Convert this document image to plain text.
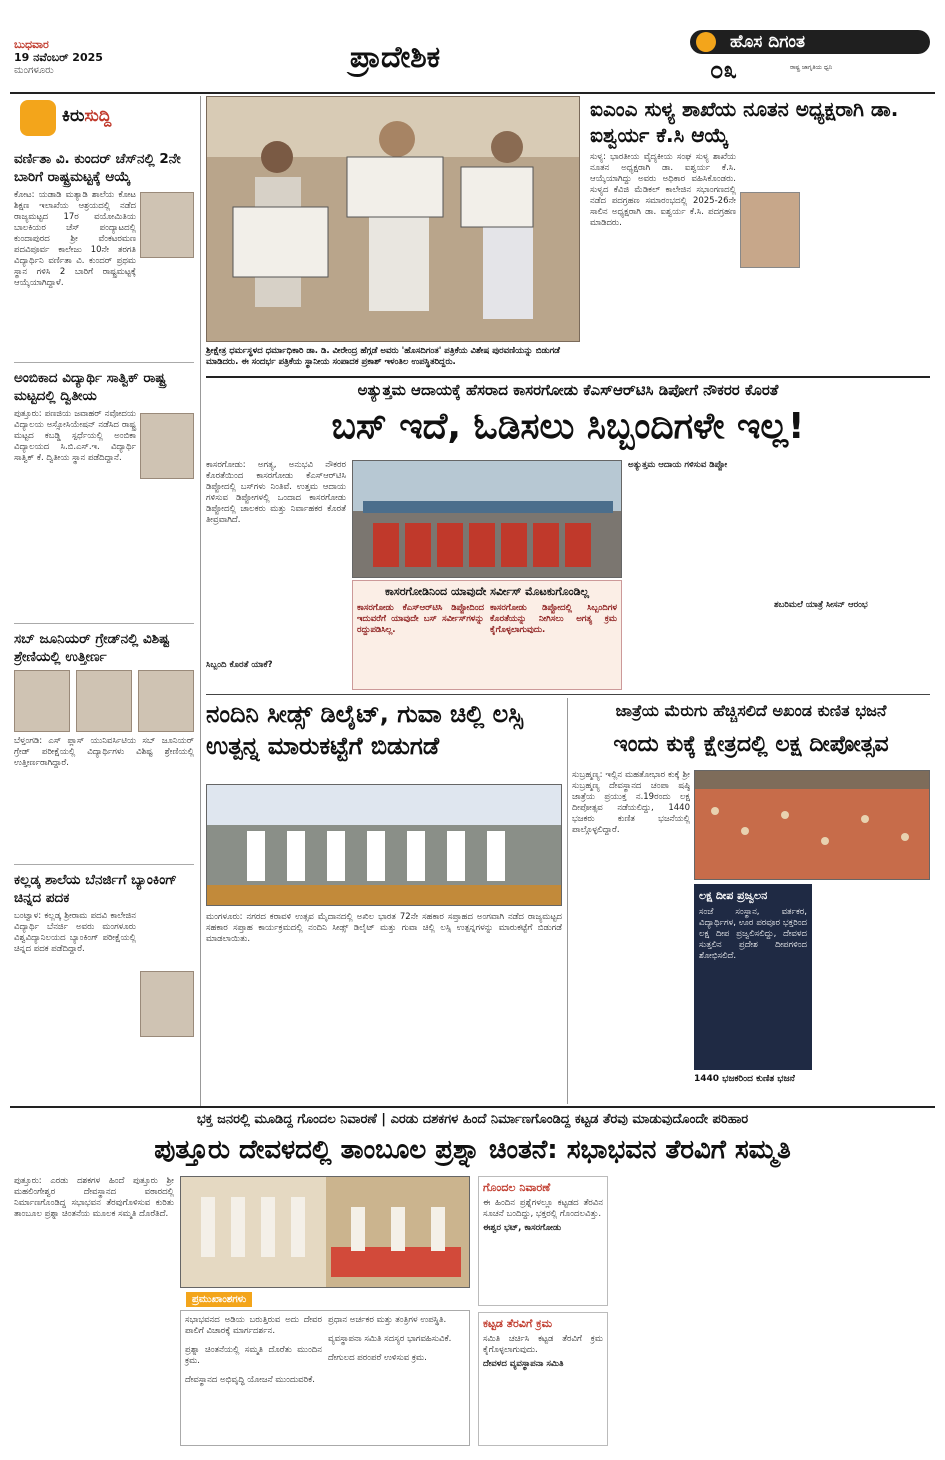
ಬುಧವಾರ
19 ನವೆಂಬರ್ 2025
ಮಂಗಳೂರು	ಪ್ರಾದೇಶಿಕ	ಹೊಸ ದಿಗಂತ
೦೩	ರಾಷ್ಟ್ರ ಜಾಗೃತಿಯ ಧ್ವನಿ
ಕಿರುಸುದ್ದಿ
ವರ್ಣಿತಾ ವಿ. ಕುಂದರ್ ಚೆಸ್‌ನಲ್ಲಿ 2ನೇ ಬಾರಿಗೆ ರಾಷ್ಟ್ರಮಟ್ಟಕ್ಕೆ ಆಯ್ಕೆ
ಕೋಟ: ಯಡಾಡಿ ಮತ್ಯಾಡಿ ಶಾಲೆಯ ಕೋಟ ಶಿಕ್ಷಣ ಇಲಾಖೆಯ ಆಶ್ರಯದಲ್ಲಿ ನಡೆದ ರಾಜ್ಯಮಟ್ಟದ 17ರ ವಯೋಮಿತಿಯ ಬಾಲಕಿಯರ ಚೆಸ್ ಪಂದ್ಯಾಟದಲ್ಲಿ ಕುಂದಾಪುರದ ಶ್ರೀ ವೆಂಕಟರಮಣ ಪದವಿಪೂರ್ವ ಕಾಲೇಜು 10ನೇ ತರಗತಿ ವಿದ್ಯಾರ್ಥಿನಿ ವರ್ಣಿತಾ ವಿ. ಕುಂದರ್ ಪ್ರಥಮ ಸ್ಥಾನ ಗಳಿಸಿ 2 ಬಾರಿಗೆ ರಾಷ್ಟ್ರಮಟ್ಟಕ್ಕೆ ಆಯ್ಕೆಯಾಗಿದ್ದಾಳೆ.
ಅಂಬಿಕಾದ ವಿದ್ಯಾರ್ಥಿ ಸಾತ್ವಿಕ್ ರಾಷ್ಟ್ರ ಮಟ್ಟದಲ್ಲಿ ದ್ವಿತೀಯ
ಪುತ್ತೂರು: ಪಣಜಿಯ ಜವಾಹರ್ ನವೋದಯ ವಿದ್ಯಾಲಯ ಅಸ್ಸೋಸಿಯೇಷನ್ ನಡೆಸಿದ ರಾಷ್ಟ್ರ ಮಟ್ಟದ ಕಬಡ್ಡಿ ಸ್ಪರ್ಧೆಯಲ್ಲಿ ಅಂಬಿಕಾ ವಿದ್ಯಾಲಯದ ಸಿ.ಬಿ.ಎಸ್.ಇ. ವಿದ್ಯಾರ್ಥಿ ಸಾತ್ವಿಕ್ ಕೆ. ದ್ವಿತೀಯ ಸ್ಥಾನ ಪಡೆದಿದ್ದಾನೆ.
ಸಬ್ ಜೂನಿಯರ್ ಗ್ರೇಡ್‌ನಲ್ಲಿ ವಿಶಿಷ್ಟ ಶ್ರೇಣಿಯಲ್ಲಿ ಉತ್ತೀರ್ಣ
ಬೆಳ್ತಂಗಡಿ: ಎಸ್ ಪ್ಲಾಸ್ ಯುನಿವರ್ಸಿಟಿಯ ಸಬ್ ಜೂನಿಯರ್ ಗ್ರೇಡ್ ಪರೀಕ್ಷೆಯಲ್ಲಿ ವಿದ್ಯಾರ್ಥಿಗಳು ವಿಶಿಷ್ಟ ಶ್ರೇಣಿಯಲ್ಲಿ ಉತ್ತೀರ್ಣರಾಗಿದ್ದಾರೆ.
ಕಲ್ಲಡ್ಕ ಶಾಲೆಯ ಬೆನರ್ಜಿಗೆ ಬ್ಯಾಂಕಿಂಗ್ ಚಿನ್ನದ ಪದಕ
ಬಂಟ್ವಾಳ: ಕಲ್ಲಡ್ಕ ಶ್ರೀರಾಮ ಪದವಿ ಕಾಲೇಜಿನ ವಿದ್ಯಾರ್ಥಿ ಬೆನರ್ಜಿ ಅವರು ಮಂಗಳೂರು ವಿಶ್ವವಿದ್ಯಾನಿಲಯದ ಬ್ಯಾಂಕಿಂಗ್ ಪರೀಕ್ಷೆಯಲ್ಲಿ ಚಿನ್ನದ ಪದಕ ಪಡೆದಿದ್ದಾರೆ.
ಶ್ರೀಕ್ಷೇತ್ರ ಧರ್ಮಸ್ಥಳದ ಧರ್ಮಾಧಿಕಾರಿ ಡಾ. ಡಿ. ವೀರೇಂದ್ರ ಹೆಗ್ಗಡೆ ಅವರು 'ಹೊಸದಿಗಂತ' ಪತ್ರಿಕೆಯ ವಿಶೇಷ ಪುರವಣಿಯನ್ನು ಬಿಡುಗಡೆ ಮಾಡಿದರು. ಈ ಸಂದರ್ಭ ಪತ್ರಿಕೆಯ ಸ್ಥಾನೀಯ ಸಂಪಾದಕ ಪ್ರಕಾಶ್ ಇಳಂತಿಲ ಉಪಸ್ಥಿತರಿದ್ದರು.
ಐಎಂಎ ಸುಳ್ಯ ಶಾಖೆಯ ನೂತನ ಅಧ್ಯಕ್ಷರಾಗಿ ಡಾ. ಐಶ್ವರ್ಯ ಕೆ.ಸಿ ಆಯ್ಕೆ
ಸುಳ್ಯ: ಭಾರತೀಯ ವೈದ್ಯಕೀಯ ಸಂಘ ಸುಳ್ಯ ಶಾಖೆಯ ನೂತನ ಅಧ್ಯಕ್ಷರಾಗಿ ಡಾ. ಐಶ್ವರ್ಯ ಕೆ.ಸಿ. ಆಯ್ಕೆಯಾಗಿದ್ದು ಅವರು ಅಧಿಕಾರ ವಹಿಸಿಕೊಂಡರು. ಸುಳ್ಯದ ಕೆವಿಜಿ ಮೆಡಿಕಲ್ ಕಾಲೇಜಿನ ಸಭಾಂಗಣದಲ್ಲಿ ನಡೆದ ಪದಗ್ರಹಣ ಸಮಾರಂಭದಲ್ಲಿ 2025-26ನೇ ಸಾಲಿನ ಅಧ್ಯಕ್ಷರಾಗಿ ಡಾ. ಐಶ್ವರ್ಯ ಕೆ.ಸಿ. ಪದಗ್ರಹಣ ಮಾಡಿದರು.
ಅತ್ಯುತ್ತಮ ಆದಾಯಕ್ಕೆ ಹೆಸರಾದ ಕಾಸರಗೋಡು ಕೆಎಸ್ಆರ್‌ಟಿಸಿ ಡಿಪೋಗೆ ನೌಕರರ ಕೊರತೆ
ಬಸ್ ಇದೆ, ಓಡಿಸಲು ಸಿಬ್ಬಂದಿಗಳೇ ಇಲ್ಲ!
ಕಾಸರಗೋಡು: ಅಗತ್ಯ, ಅನುಭವಿ ನೌಕರರ ಕೊರತೆಯಿಂದ ಕಾಸರಗೋಡು ಕೆಎಸ್ಆರ್‌ಟಿಸಿ ಡಿಪ್ಪೋದಲ್ಲಿ ಬಸ್‌ಗಳು ನಿಂತಿವೆ. ಉತ್ತಮ ಆದಾಯ ಗಳಿಸುವ ಡಿಪ್ಪೋಗಳಲ್ಲಿ ಒಂದಾದ ಕಾಸರಗೋಡು ಡಿಪ್ಪೋದಲ್ಲಿ ಚಾಲಕರು ಮತ್ತು ನಿರ್ವಾಹಕರ ಕೊರತೆ ತೀವ್ರವಾಗಿದೆ.
ಸಿಬ್ಬಂದಿ ಕೊರತೆ ಯಾಕೆ?
ಕಾಸರಗೋಡಿನಿಂದ ಯಾವುದೇ ಸರ್ವೀಸ್ ಮೊಟಕುಗೊಂಡಿಲ್ಲ
ಕಾಸರಗೋಡು ಕೆಎಸ್ಆರ್‌ಟಿಸಿ ಡಿಪ್ಪೋದಿಂದ ಇದುವರೆಗೆ ಯಾವುದೇ ಬಸ್ ಸರ್ವೀಸ್‌ಗಳನ್ನು ರದ್ದುಪಡಿಸಿಲ್ಲ.
ಕಾಸರಗೋಡು ಡಿಪ್ಪೋದಲ್ಲಿ ಸಿಬ್ಬಂದಿಗಳ ಕೊರತೆಯನ್ನು ನೀಗಿಸಲು ಅಗತ್ಯ ಕ್ರಮ ಕೈಗೊಳ್ಳಲಾಗುವುದು.
ಅತ್ಯುತ್ತಮ ಆದಾಯ ಗಳಿಸುವ ಡಿಪ್ಪೋ
ಶಬರಿಮಲೆ ಯಾತ್ರೆ ಸೀಸನ್ ಆರಂಭ
ನಂದಿನಿ ಸೀಡ್ಸ್ ಡಿಲೈಟ್, ಗುವಾ ಚಿಲ್ಲಿ ಲಸ್ಸಿ ಉತ್ಪನ್ನ ಮಾರುಕಟ್ಟೆಗೆ ಬಿಡುಗಡೆ
ಮಂಗಳೂರು: ನಗರದ ಕರಾವಳಿ ಉತ್ಸವ ಮೈದಾನದಲ್ಲಿ ಅಖಿಲ ಭಾರತ 72ನೇ ಸಹಕಾರ ಸಪ್ತಾಹದ ಅಂಗವಾಗಿ ನಡೆದ ರಾಜ್ಯಮಟ್ಟದ ಸಹಕಾರ ಸಪ್ತಾಹ ಕಾರ್ಯಕ್ರಮದಲ್ಲಿ ನಂದಿನಿ ಸೀಡ್ಸ್ ಡಿಲೈಟ್ ಮತ್ತು ಗುವಾ ಚಿಲ್ಲಿ ಲಸ್ಸಿ ಉತ್ಪನ್ನಗಳನ್ನು ಮಾರುಕಟ್ಟೆಗೆ ಬಿಡುಗಡೆ ಮಾಡಲಾಯಿತು.
ಜಾತ್ರೆಯ ಮೆರುಗು ಹೆಚ್ಚಿಸಲಿದೆ ಅಖಂಡ ಕುಣಿತ ಭಜನೆ
ಇಂದು ಕುಕ್ಕೆ ಕ್ಷೇತ್ರದಲ್ಲಿ ಲಕ್ಷ ದೀಪೋತ್ಸವ
ಸುಬ್ರಹ್ಮಣ್ಯ: ಇಲ್ಲಿನ ಮಹತೋಭಾರ ಕುಕ್ಕೆ ಶ್ರೀ ಸುಬ್ರಹ್ಮಣ್ಯ ದೇವಸ್ಥಾನದ ಚಂಪಾ ಷಷ್ಠಿ ಜಾತ್ರೆಯ ಪ್ರಯುಕ್ತ ನ.19ರಂದು ಲಕ್ಷ ದೀಪೋತ್ಸವ ನಡೆಯಲಿದ್ದು, 1440 ಭಜಕರು ಕುಣಿತ ಭಜನೆಯಲ್ಲಿ ಪಾಲ್ಗೊಳ್ಳಲಿದ್ದಾರೆ.
ಲಕ್ಷ ದೀಪ ಪ್ರಜ್ವಲನ
ಸಂಜೆ ಸಂಸ್ಥಾನ, ವರ್ತಕರ, ವಿದ್ಯಾರ್ಥಿಗಳ, ಊರ ಪರವೂರ ಭಕ್ತರಿಂದ ಲಕ್ಷ ದೀಪ ಪ್ರಜ್ವಲಿಸಲಿದ್ದು, ದೇವಳದ ಸುತ್ತಲಿನ ಪ್ರದೇಶ ದೀಪಗಳಿಂದ ಶೋಭಿಸಲಿದೆ.
1440 ಭಜಕರಿಂದ ಕುಣಿತ ಭಜನೆ
ಭಕ್ತ ಜನರಲ್ಲಿ ಮೂಡಿದ್ದ ಗೊಂದಲ ನಿವಾರಣೆ | ಎರಡು ದಶಕಗಳ ಹಿಂದೆ ನಿರ್ಮಾಣಗೊಂಡಿದ್ದ ಕಟ್ಟಡ ತೆರವು ಮಾಡುವುದೊಂದೇ ಪರಿಹಾರ
ಪುತ್ತೂರು ದೇವಳದಲ್ಲಿ ತಾಂಬೂಲ ಪ್ರಶ್ನಾ ಚಿಂತನೆ: ಸಭಾಭವನ ತೆರವಿಗೆ ಸಮ್ಮತಿ
ಪುತ್ತೂರು: ಎರಡು ದಶಕಗಳ ಹಿಂದೆ ಪುತ್ತೂರು ಶ್ರೀ ಮಹಲಿಂಗೇಶ್ವರ ದೇವಸ್ಥಾನದ ವಠಾರದಲ್ಲಿ ನಿರ್ಮಾಣಗೊಂಡಿದ್ದ ಸಭಾಭವನ ತೆರವುಗೊಳಿಸುವ ಕುರಿತು ತಾಂಬೂಲ ಪ್ರಶ್ನಾ ಚಿಂತನೆಯ ಮೂಲಕ ಸಮ್ಮತಿ ದೊರೆತಿದೆ.
ಪ್ರಮುಖಾಂಶಗಳು
ಸಭಾಭವನದ ಅಡಿಯ ಬರುತ್ತಿರುವ ಅದು ದೇವರ ಪಾಲಿಗೆ ವಿಚಾರಕ್ಕೆ ಮಾರ್ಗದರ್ಶನ.
ಪ್ರಶ್ನಾ ಚಿಂತನೆಯಲ್ಲಿ ಸಮ್ಮತಿ ದೊರೆತು ಮುಂದಿನ ಕ್ರಮ.
ದೇವಸ್ಥಾನದ ಅಭಿವೃದ್ಧಿ ಯೋಜನೆ ಮುಂದುವರಿಕೆ.
ಪ್ರಧಾನ ಅರ್ಚಕರ ಮತ್ತು ತಂತ್ರಿಗಳ ಉಪಸ್ಥಿತಿ.
ವ್ಯವಸ್ಥಾಪನಾ ಸಮಿತಿ ಸದಸ್ಯರ ಭಾಗವಹಿಸುವಿಕೆ.
ದೇಗುಲದ ಪರಂಪರೆ ಉಳಿಸುವ ಕ್ರಮ.
ಗೊಂದಲ ನಿವಾರಣೆ
ಈ ಹಿಂದಿನ ಪ್ರಶ್ನೆಗಳಲ್ಲೂ ಕಟ್ಟಡದ ತೆರವಿನ ಸೂಚನೆ ಬಂದಿದ್ದು, ಭಕ್ತರಲ್ಲಿ ಗೊಂದಲವಿತ್ತು.
ಈಶ್ವರ ಭಟ್, ಕಾಸರಗೋಡು
ಕಟ್ಟಡ ತೆರವಿಗೆ ಕ್ರಮ
ಸಮಿತಿ ಚರ್ಚಿಸಿ ಕಟ್ಟಡ ತೆರವಿಗೆ ಕ್ರಮ ಕೈಗೊಳ್ಳಲಾಗುವುದು.
ದೇವಳದ ವ್ಯವಸ್ಥಾಪನಾ ಸಮಿತಿ
